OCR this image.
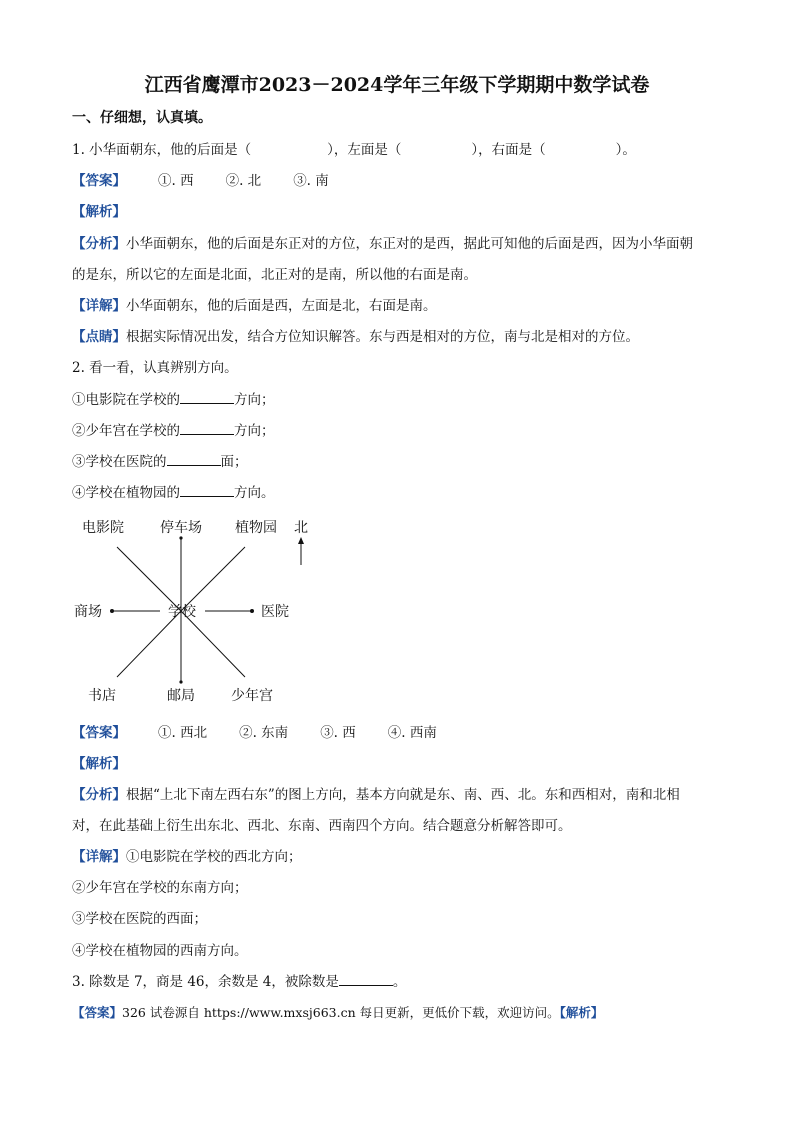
江西省鹰潭市2023－2024学年三年级下学期期中数学试卷
一、仔细想，认真填。
1. 小华面朝东，他的后面是（	），左面是（	），右面是（	）。
【答案】 ①. 西 ②. 北 ③. 南
【解析】
【分析】小华面朝东，他的后面是东正对的方位，东正对的是西，据此可知他的后面是西，因为小华面朝
的是东，所以它的左面是北面，北正对的是南，所以他的右面是南。
【详解】小华面朝东，他的后面是西，左面是北，右面是南。
【点睛】根据实际情况出发，结合方位知识解答。东与西是相对的方位，南与北是相对的方位。
2. 看一看，认真辨别方向。
①电影院在学校的	方向；
②少年宫在学校的	方向；
③学校在医院的	面；
④学校在植物园的	方向。
电影院	停车场 植物园 北
商场	学校	医院
书店	邮局	少年宫
【答案】 ①. 西北 ②. 东南 ③. 西 ④. 西南
【解析】
【分析】根据“上北下南左西右东”的图上方向，基本方向就是东、南、西、北。东和西相对，南和北相
对，在此基础上衍生出东北、西北、东南、西南四个方向。结合题意分析解答即可。
【详解】①电影院在学校的西北方向；
②少年宫在学校的东南方向；
③学校在医院的西面；
④学校在植物园的西南方向。
3. 除数是 7，商是 46，余数是 4，被除数是	。
【答案】326 试卷源自 https://www.mxsj663.cn 每日更新，更低价下载，欢迎访问。【解析】
